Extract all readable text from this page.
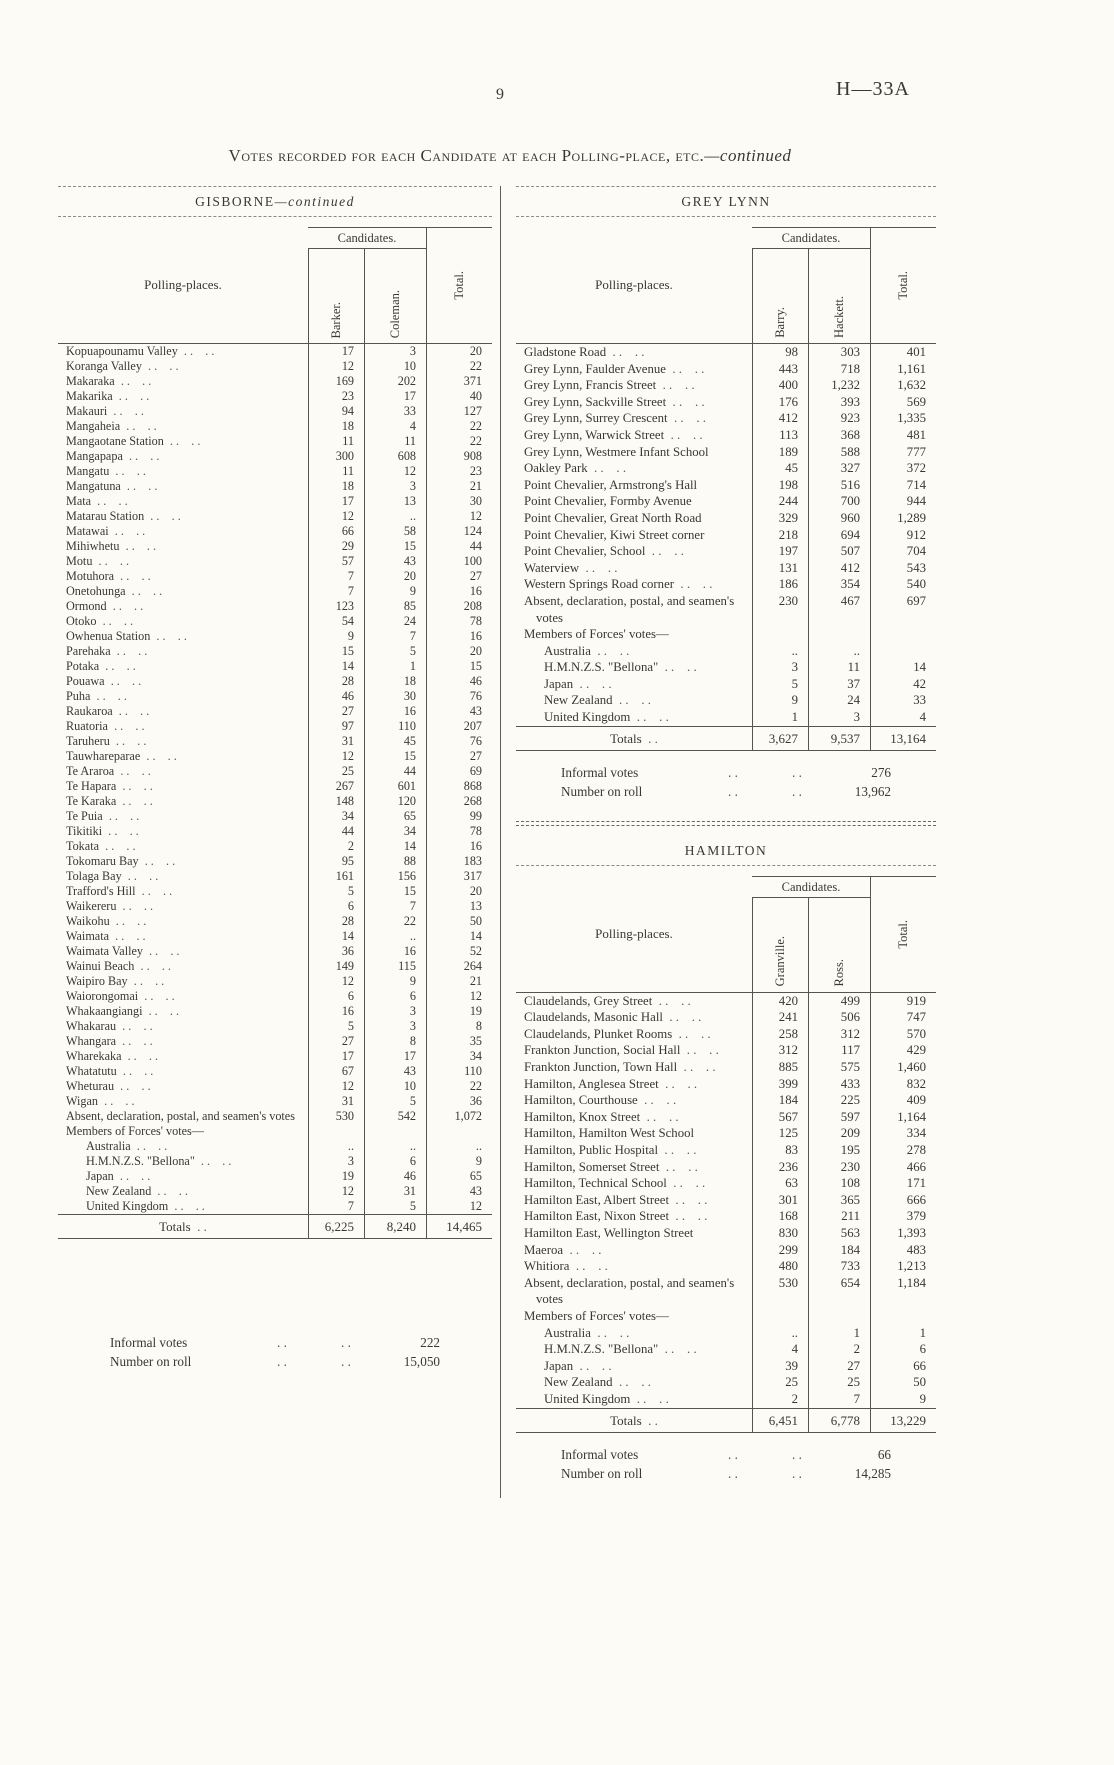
9	H—33A
Votes recorded for each Candidate at each Polling-place, etc.—continued
GISBORNE—continued
Polling-places.
Candidates.
Barker.	Coleman.
Total.
Kopuapounamu Valley . . . .	17	3	20
Koranga Valley . . . .	12	10	22
Makaraka . . . .	169	202	371
Makarika . . . .	23	17	40
Makauri . . . .	94	33	127
Mangaheia . . . .	18	4	22
Mangaotane Station . . . .	11	11	22
Mangapapa . . . .	300	608	908
Mangatu . . . .	11	12	23
Mangatuna . . . .	18	3	21
Mata . . . .	17	13	30
Matarau Station . . . .	12	..	12
Matawai . . . .	66	58	124
Mihiwhetu . . . .	29	15	44
Motu . . . .	57	43	100
Motuhora . . . .	7	20	27
Onetohunga . . . .	7	9	16
Ormond . . . .	123	85	208
Otoko . . . .	54	24	78
Owhenua Station . . . .	9	7	16
Parehaka . . . .	15	5	20
Potaka . . . .	14	1	15
Pouawa . . . .	28	18	46
Puha . . . .	46	30	76
Raukaroa . . . .	27	16	43
Ruatoria . . . .	97	110	207
Taruheru . . . .	31	45	76
Tauwhareparae . . . .	12	15	27
Te Araroa . . . .	25	44	69
Te Hapara . . . .	267	601	868
Te Karaka . . . .	148	120	268
Te Puia . . . .	34	65	99
Tikitiki . . . .	44	34	78
Tokata . . . .	2	14	16
Tokomaru Bay . . . .	95	88	183
Tolaga Bay . . . .	161	156	317
Trafford's Hill . . . .	5	15	20
Waikereru . . . .	6	7	13
Waikohu . . . .	28	22	50
Waimata . . . .	14	..	14
Waimata Valley . . . .	36	16	52
Wainui Beach . . . .	149	115	264
Waipiro Bay . . . .	12	9	21
Waiorongomai . . . .	6	6	12
Whakaangiangi . . . .	16	3	19
Whakarau . . . .	5	3	8
Whangara . . . .	27	8	35
Wharekaka . . . .	17	17	34
Whatatutu . . . .	67	43	110
Wheturau . . . .	12	10	22
Wigan . . . .	31	5	36
Absent, declaration, postal, and seamen's votes	530	542	1,072
Members of Forces' votes—
Australia . . . .	..	..	..
H.M.N.Z.S. "Bellona" . . . .	3	6	9
Japan . . . .	19	46	65
New Zealand . . . .	12	31	43
United Kingdom . . . .	7	5	12
Totals . .	6,225	8,240	14,465
Informal votes . . . .	222
Number on roll . . . .	15,050
GREY LYNN
Polling-places.
Candidates.
Barry.	Hackett.
Total.
Gladstone Road . . . .	98	303	401
Grey Lynn, Faulder Avenue . . . .	443	718	1,161
Grey Lynn, Francis Street . . . .	400	1,232	1,632
Grey Lynn, Sackville Street . . . .	176	393	569
Grey Lynn, Surrey Crescent . . . .	412	923	1,335
Grey Lynn, Warwick Street . . . .	113	368	481
Grey Lynn, Westmere Infant School	189	588	777
Oakley Park . . . .	45	327	372
Point Chevalier, Armstrong's Hall	198	516	714
Point Chevalier, Formby Avenue	244	700	944
Point Chevalier, Great North Road	329	960	1,289
Point Chevalier, Kiwi Street corner	218	694	912
Point Chevalier, School . . . .	197	507	704
Waterview . . . .	131	412	543
Western Springs Road corner . . . .	186	354	540
Absent, declaration, postal, and seamen's votes
230	467	697
Members of Forces' votes—
Australia . . . .	..	..
H.M.N.Z.S. "Bellona" . . . .	3	11	14
Japan . . . .	5	37	42
New Zealand . . . .	9	24	33
United Kingdom . . . .	1	3	4
Totals . .	3,627	9,537	13,164
Informal votes . . . .	276
Number on roll . . . .	13,962
HAMILTON
Polling-places.
Candidates.
Granville.	Ross.
Total.
Claudelands, Grey Street . . . .	420	499	919
Claudelands, Masonic Hall . . . .	241	506	747
Claudelands, Plunket Rooms . . . .	258	312	570
Frankton Junction, Social Hall . . . .	312	117	429
Frankton Junction, Town Hall . . . .	885	575	1,460
Hamilton, Anglesea Street . . . .	399	433	832
Hamilton, Courthouse . . . .	184	225	409
Hamilton, Knox Street . . . .	567	597	1,164
Hamilton, Hamilton West School	125	209	334
Hamilton, Public Hospital . . . .	83	195	278
Hamilton, Somerset Street . . . .	236	230	466
Hamilton, Technical School . . . .	63	108	171
Hamilton East, Albert Street . . . .	301	365	666
Hamilton East, Nixon Street . . . .	168	211	379
Hamilton East, Wellington Street	830	563	1,393
Maeroa . . . .	299	184	483
Whitiora . . . .	480	733	1,213
Absent, declaration, postal, and seamen's votes
530	654	1,184
Members of Forces' votes—
Australia . . . .	..	1	1
H.M.N.Z.S. "Bellona" . . . .	4	2	6
Japan . . . .	39	27	66
New Zealand . . . .	25	25	50
United Kingdom . . . .	2	7	9
Totals . .	6,451	6,778	13,229
Informal votes . . . .	66
Number on roll . . . .	14,285
